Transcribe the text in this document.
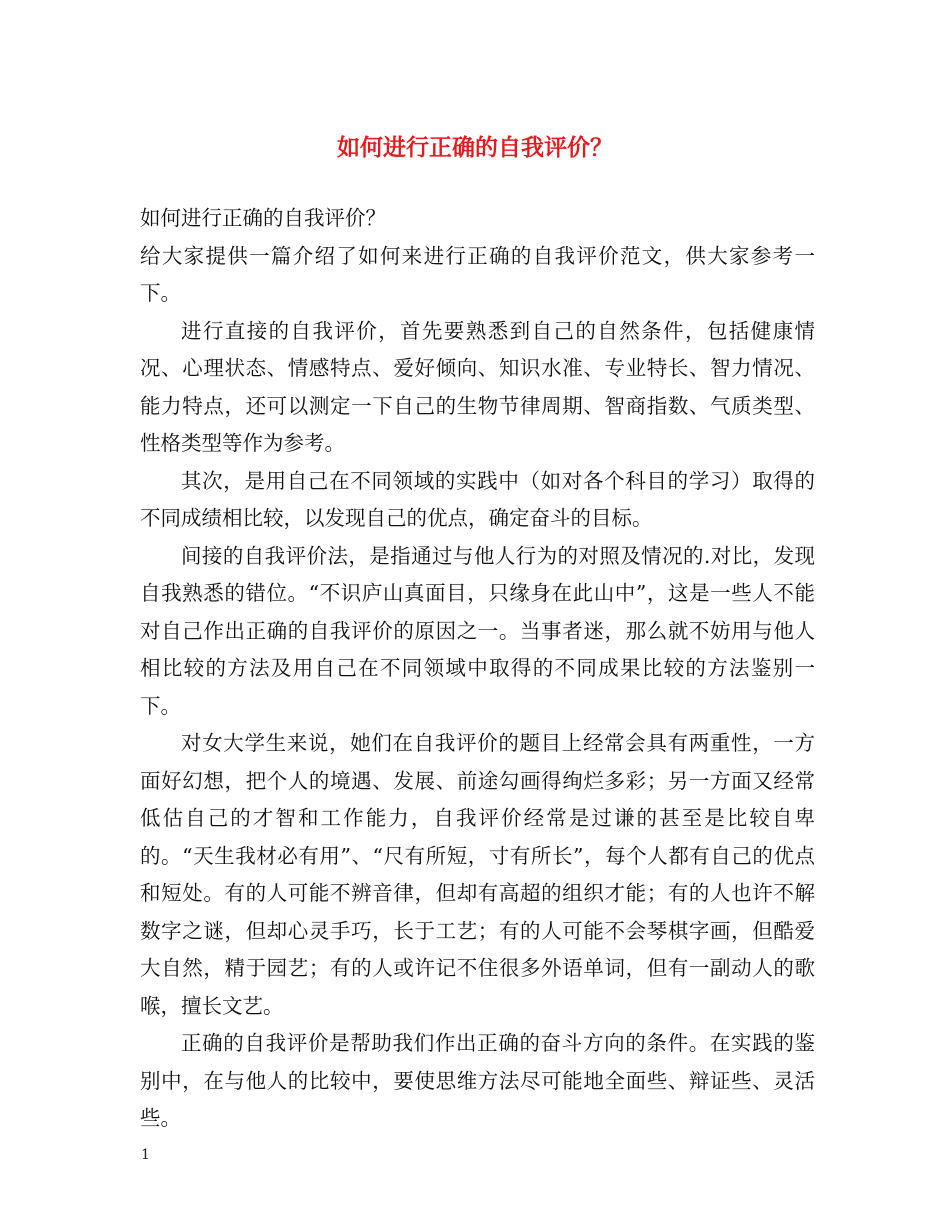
如何进行正确的自我评价？

如何进行正确的自我评价？

给大家提供一篇介绍了如何来进行正确的自我评价范文，供大家参考一下。

进行直接的自我评价，首先要熟悉到自己的自然条件，包括健康情况、心理状态、情感特点、爱好倾向、知识水准、专业特长、智力情况、能力特点，还可以测定一下自己的生物节律周期、智商指数、气质类型、性格类型等作为参考。

其次，是用自己在不同领域的实践中（如对各个科目的学习）取得的不同成绩相比较，以发现自己的优点，确定奋斗的目标。

间接的自我评价法，是指通过与他人行为的对照及情况的.对比，发现自我熟悉的错位。“不识庐山真面目，只缘身在此山中”，这是一些人不能对自己作出正确的自我评价的原因之一。当事者迷，那么就不妨用与他人相比较的方法及用自己在不同领域中取得的不同成果比较的方法鉴别一下。

对女大学生来说，她们在自我评价的题目上经常会具有两重性，一方面好幻想，把个人的境遇、发展、前途勾画得绚烂多彩；另一方面又经常低估自己的才智和工作能力，自我评价经常是过谦的甚至是比较自卑的。“天生我材必有用”、“尺有所短，寸有所长”，每个人都有自己的优点和短处。有的人可能不辨音律，但却有高超的组织才能；有的人也许不解数字之谜，但却心灵手巧，长于工艺；有的人可能不会琴棋字画，但酷爱大自然，精于园艺；有的人或许记不住很多外语单词，但有一副动人的歌喉，擅长文艺。

正确的自我评价是帮助我们作出正确的奋斗方向的条件。在实践的鉴别中，在与他人的比较中，要使思维方法尽可能地全面些、辩证些、灵活些。

1
